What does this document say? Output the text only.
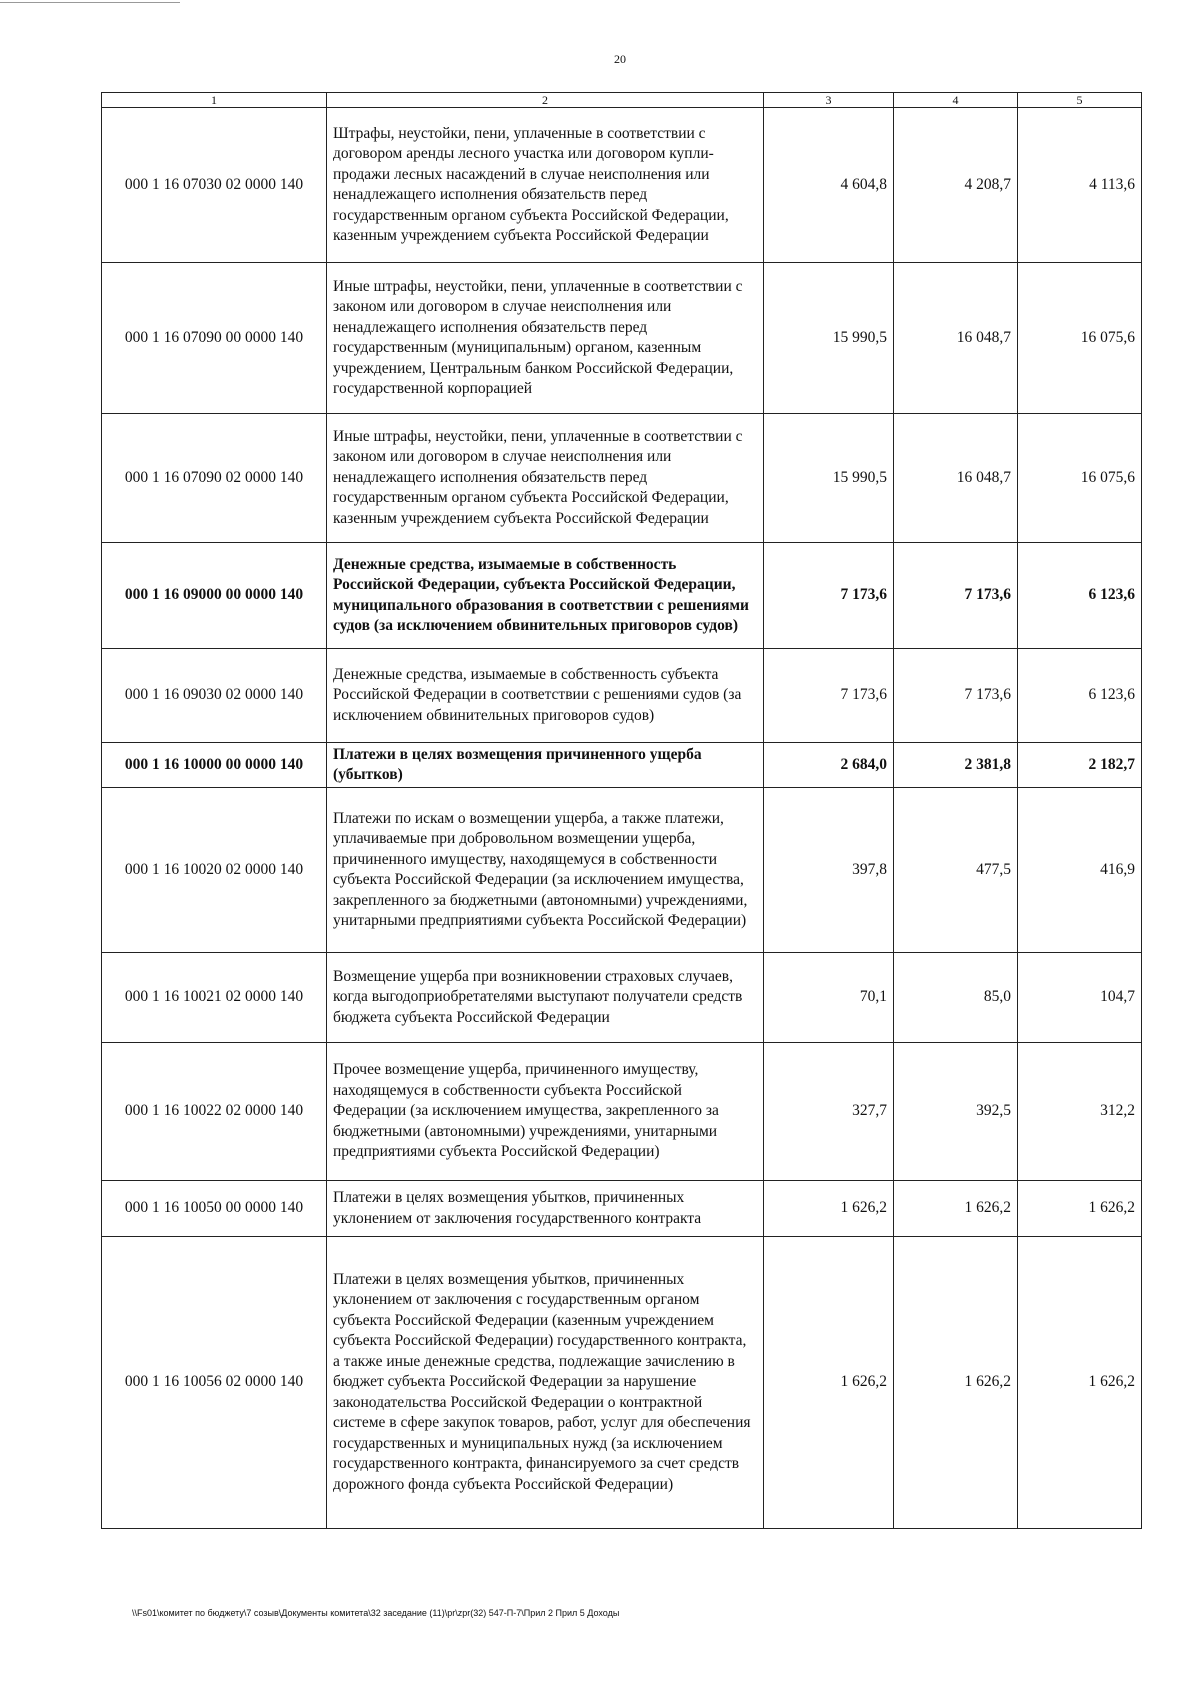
20
1	2	3	4	5
000 1 16 07030 02 0000 140	Штрафы, неустойки, пени, уплаченные в соответствии с договором аренды лесного участка или договором купли-продажи лесных насаждений в случае неисполнения или ненадлежащего исполнения обязательств перед государственным органом субъекта Российской Федерации, казенным учреждением субъекта Российской Федерации	4 604,8	4 208,7	4 113,6
000 1 16 07090 00 0000 140	Иные штрафы, неустойки, пени, уплаченные в соответствии с законом или договором в случае неисполнения или ненадлежащего исполнения обязательств перед государственным (муниципальным) органом, казенным учреждением, Центральным банком Российской Федерации, государственной корпорацией	15 990,5	16 048,7	16 075,6
000 1 16 07090 02 0000 140	Иные штрафы, неустойки, пени, уплаченные в соответствии с законом или договором в случае неисполнения или ненадлежащего исполнения обязательств перед государственным органом субъекта Российской Федерации, казенным учреждением субъекта Российской Федерации	15 990,5	16 048,7	16 075,6
000 1 16 09000 00 0000 140	Денежные средства, изымаемые в собственность Российской Федерации, субъекта Российской Федерации, муниципального образования в соответствии с решениями судов (за исключением обвинительных приговоров судов)	7 173,6	7 173,6	6 123,6
000 1 16 09030 02 0000 140	Денежные средства, изымаемые в собственность субъекта Российской Федерации в соответствии с решениями судов (за исключением обвинительных приговоров судов)	7 173,6	7 173,6	6 123,6
000 1 16 10000 00 0000 140	Платежи в целях возмещения причиненного ущерба (убытков)	2 684,0	2 381,8	2 182,7
000 1 16 10020 02 0000 140	Платежи по искам о возмещении ущерба, а также платежи, уплачиваемые при добровольном возмещении ущерба, причиненного имуществу, находящемуся в собственности субъекта Российской Федерации (за исключением имущества, закрепленного за бюджетными (автономными) учреждениями, унитарными предприятиями субъекта Российской Федерации)	397,8	477,5	416,9
000 1 16 10021 02 0000 140	Возмещение ущерба при возникновении страховых случаев, когда выгодоприобретателями выступают получатели средств бюджета субъекта Российской Федерации	70,1	85,0	104,7
000 1 16 10022 02 0000 140	Прочее возмещение ущерба, причиненного имуществу, находящемуся в собственности субъекта Российской Федерации (за исключением имущества, закрепленного за бюджетными (автономными) учреждениями, унитарными предприятиями субъекта Российской Федерации)	327,7	392,5	312,2
000 1 16 10050 00 0000 140	Платежи в целях возмещения убытков, причиненных уклонением от заключения государственного контракта	1 626,2	1 626,2	1 626,2
000 1 16 10056 02 0000 140	Платежи в целях возмещения убытков, причиненных уклонением от заключения с государственным органом субъекта Российской Федерации (казенным учреждением субъекта Российской Федерации) государственного контракта, а также иные денежные средства, подлежащие зачислению в бюджет субъекта Российской Федерации за нарушение законодательства Российской Федерации о контрактной системе в сфере закупок товаров, работ, услуг для обеспечения государственных и муниципальных нужд (за исключением государственного контракта, финансируемого за счет средств дорожного фонда субъекта Российской Федерации)	1 626,2	1 626,2	1 626,2
\\Fs01\комитет по бюджету\7 созыв\Документы комитета\32 заседание (11)\pr\zpr(32) 547-П-7\Прил 2 Прил 5 Доходы
